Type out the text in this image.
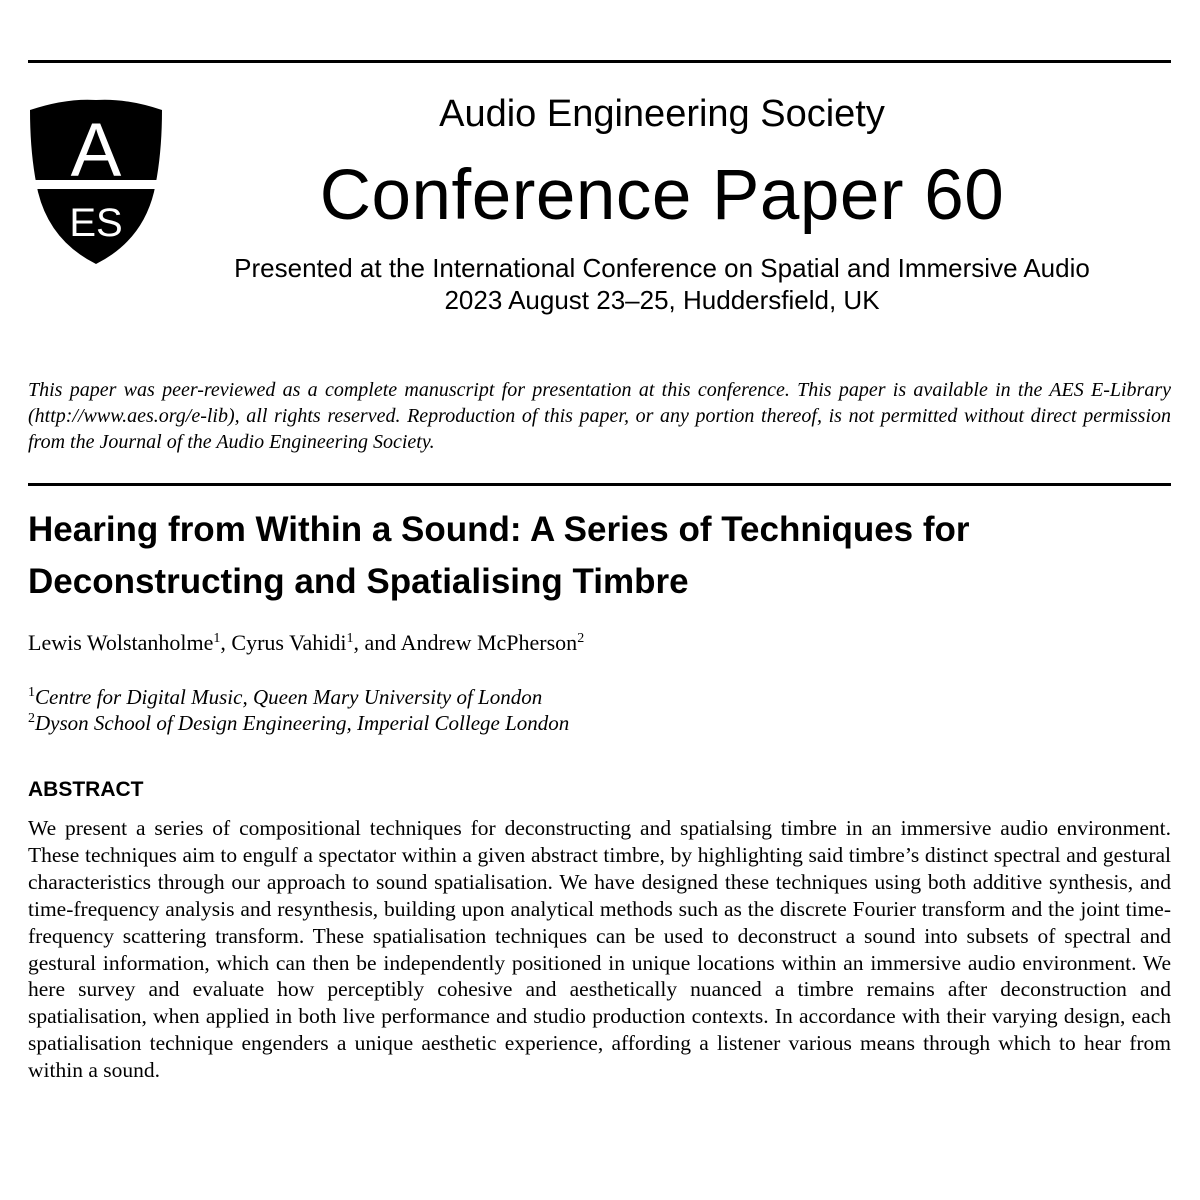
A
ES
Audio Engineering Society
Conference Paper 60
Presented at the International Conference on Spatial and Immersive Audio
2023 August 23–25, Huddersfield, UK
This paper was peer-reviewed as a complete manuscript for presentation at this conference. This paper is available in the AES E-Library (http://www.aes.org/e-lib), all rights reserved. Reproduction of this paper, or any portion thereof, is not permitted without direct permission from the Journal of the Audio Engineering Society.
Hearing from Within a Sound: A Series of Techniques for
Deconstructing and Spatialising Timbre
Lewis Wolstanholme$^1$, Cyrus Vahidi$^1$, and Andrew McPherson$^2$
$^1$Centre for Digital Music, Queen Mary University of London
$^2$Dyson School of Design Engineering, Imperial College London
ABSTRACT
We present a series of compositional techniques for deconstructing and spatialsing timbre in an immersive audio environment. These techniques aim to engulf a spectator within a given abstract timbre, by highlighting said timbre’s distinct spectral and gestural characteristics through our approach to sound spatialisation. We have designed these techniques using both additive synthesis, and time-frequency analysis and resynthesis, building upon analytical methods such as the discrete Fourier transform and the joint time-frequency scattering transform. These spatialisation techniques can be used to deconstruct a sound into subsets of spectral and gestural information, which can then be independently positioned in unique locations within an immersive audio environment. We here survey and evaluate how perceptibly cohesive and aesthetically nuanced a timbre remains after deconstruction and spatialisation, when applied in both live performance and studio production contexts. In accordance with their varying design, each spatialisation technique engenders a unique aesthetic experience, affording a listener various means through which to hear from within a sound.
